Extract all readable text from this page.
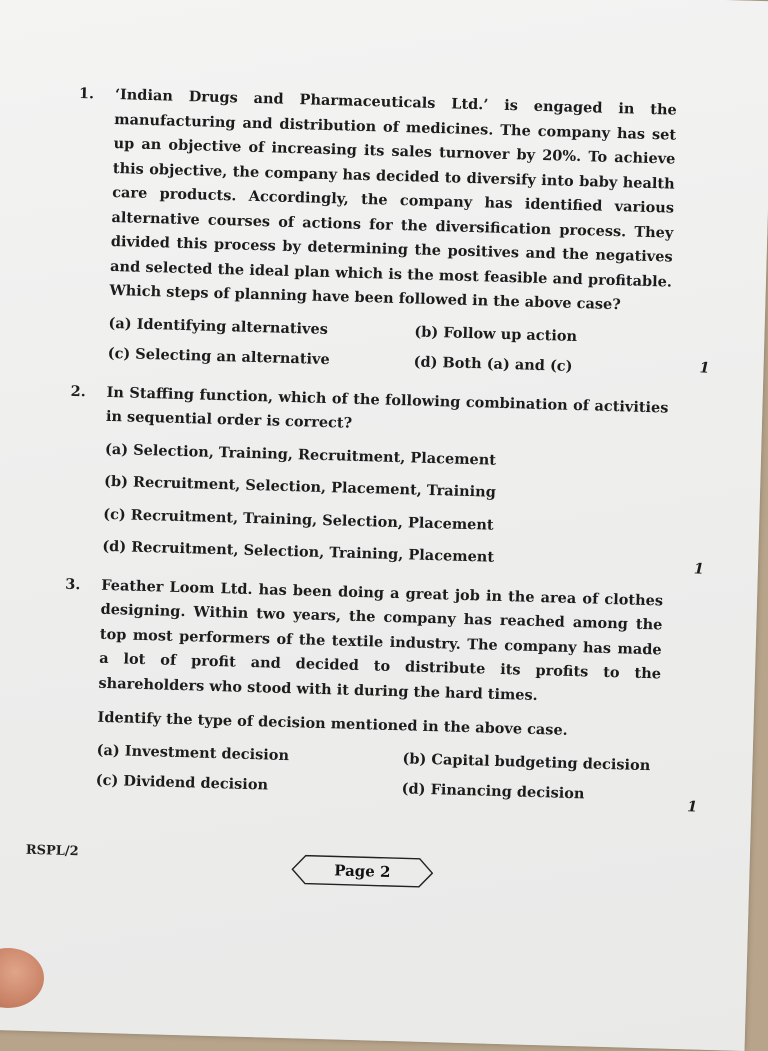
1.	‘Indian Drugs and Pharmaceuticals Ltd.’ is engaged in the manufacturing and distribution of medicines. The company has set up an objective of increasing its sales turnover by 20%. To achieve this objective, the company has decided to diversify into baby health care products. Accordingly, the company has identified various alternative courses of actions for the diversification process. They divided this process by determining the positives and the negatives and selected the ideal plan which is the most feasible and profitable. Which steps of planning have been followed in the above case?
(a) Identifying alternatives	(b) Follow up action
(c) Selecting an alternative	(d) Both (a) and (c)	1
2. In Staffing function, which of the following combination of activities in sequential order is correct?
(a) Selection, Training, Recruitment, Placement
(b) Recruitment, Selection, Placement, Training
(c) Recruitment, Training, Selection, Placement
(d) Recruitment, Selection, Training, Placement
1
3. Feather Loom Ltd. has been doing a great job in the area of clothes designing. Within two years, the company has reached among the top most performers of the textile industry. The company has made a lot of profit and decided to distribute its profits to the shareholders who stood with it during the hard times.
Identify the type of decision mentioned in the above case.
(a) Investment decision	(b) Capital budgeting decision
(c) Dividend decision	(d) Financing decision
1
RSPL/2
Page 2
